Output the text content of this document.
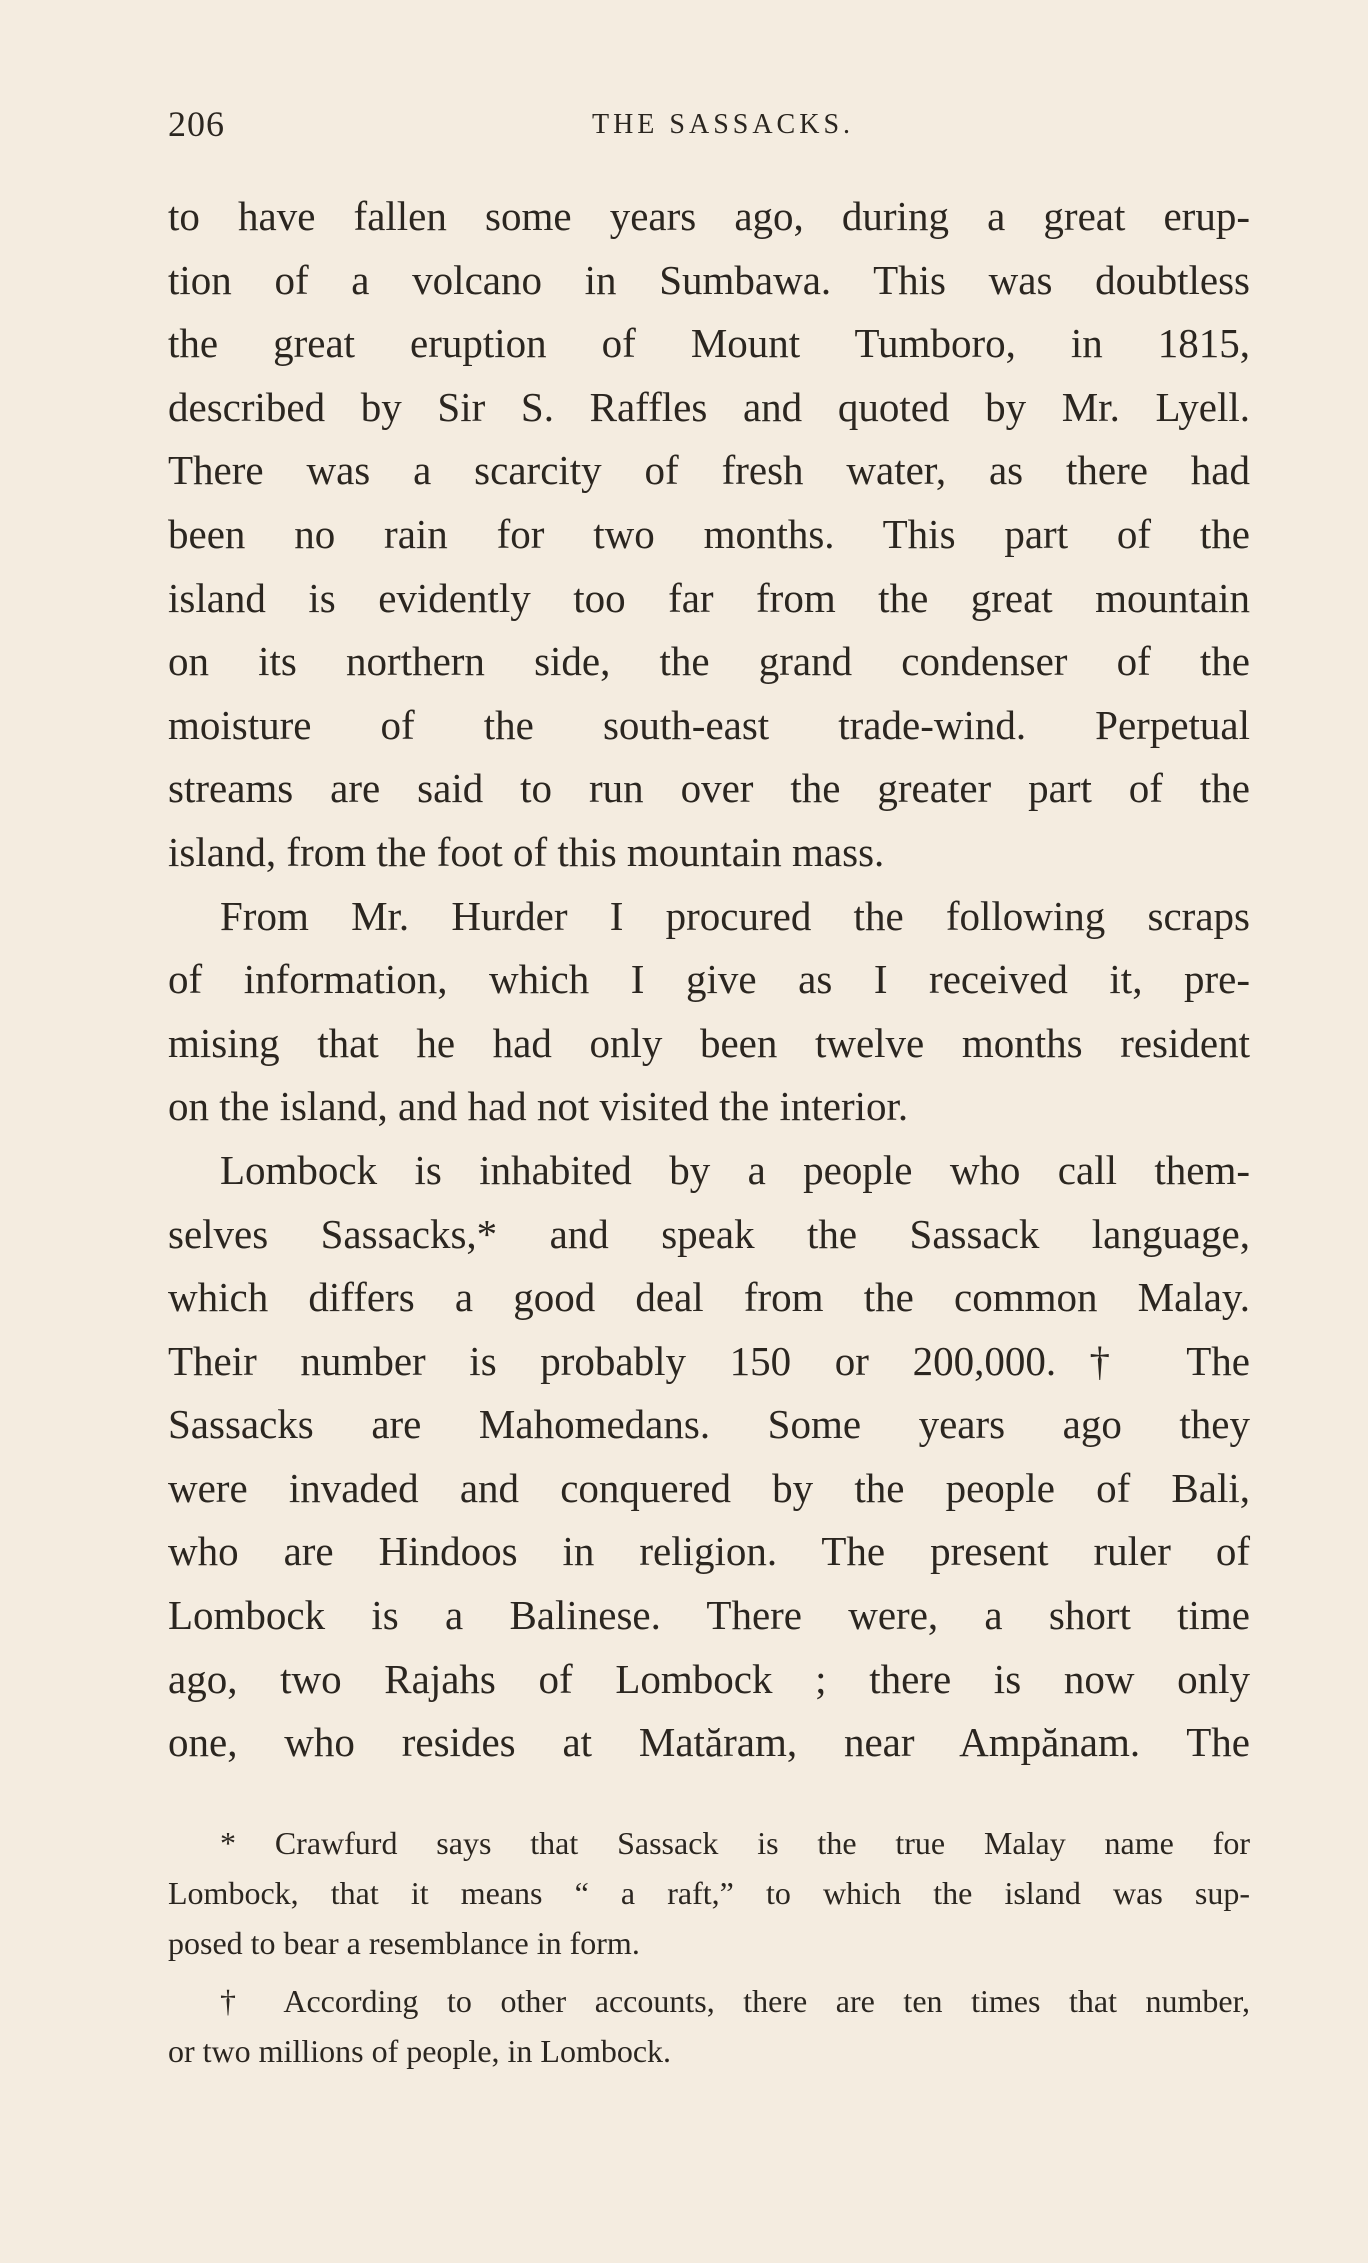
206	THE SASSACKS.
to have fallen some years ago, during a great erup-
tion of a volcano in Sumbawa. This was doubtless
the great eruption of Mount Tumboro, in 1815,
described by Sir S. Raffles and quoted by Mr. Lyell.
There was a scarcity of fresh water, as there had
been no rain for two months. This part of the
island is evidently too far from the great mountain
on its northern side, the grand condenser of the
moisture of the south-east trade-wind. Perpetual
streams are said to run over the greater part of the
island, from the foot of this mountain mass.
From Mr. Hurder I procured the following scraps
of information, which I give as I received it, pre-
mising that he had only been twelve months resident
on the island, and had not visited the interior.
Lombock is inhabited by a people who call them-
selves Sassacks,* and speak the Sassack language,
which differs a good deal from the common Malay.
Their number is probably 150 or 200,000.† The
Sassacks are Mahomedans. Some years ago they
were invaded and conquered by the people of Bali,
who are Hindoos in religion. The present ruler of
Lombock is a Balinese. There were, a short time
ago, two Rajahs of Lombock ; there is now only
one, who resides at Matăram, near Ampănam. The
* Crawfurd says that Sassack is the true Malay name for
Lombock, that it means “ a raft,” to which the island was sup-
posed to bear a resemblance in form.
† According to other accounts, there are ten times that number,
or two millions of people, in Lombock.
